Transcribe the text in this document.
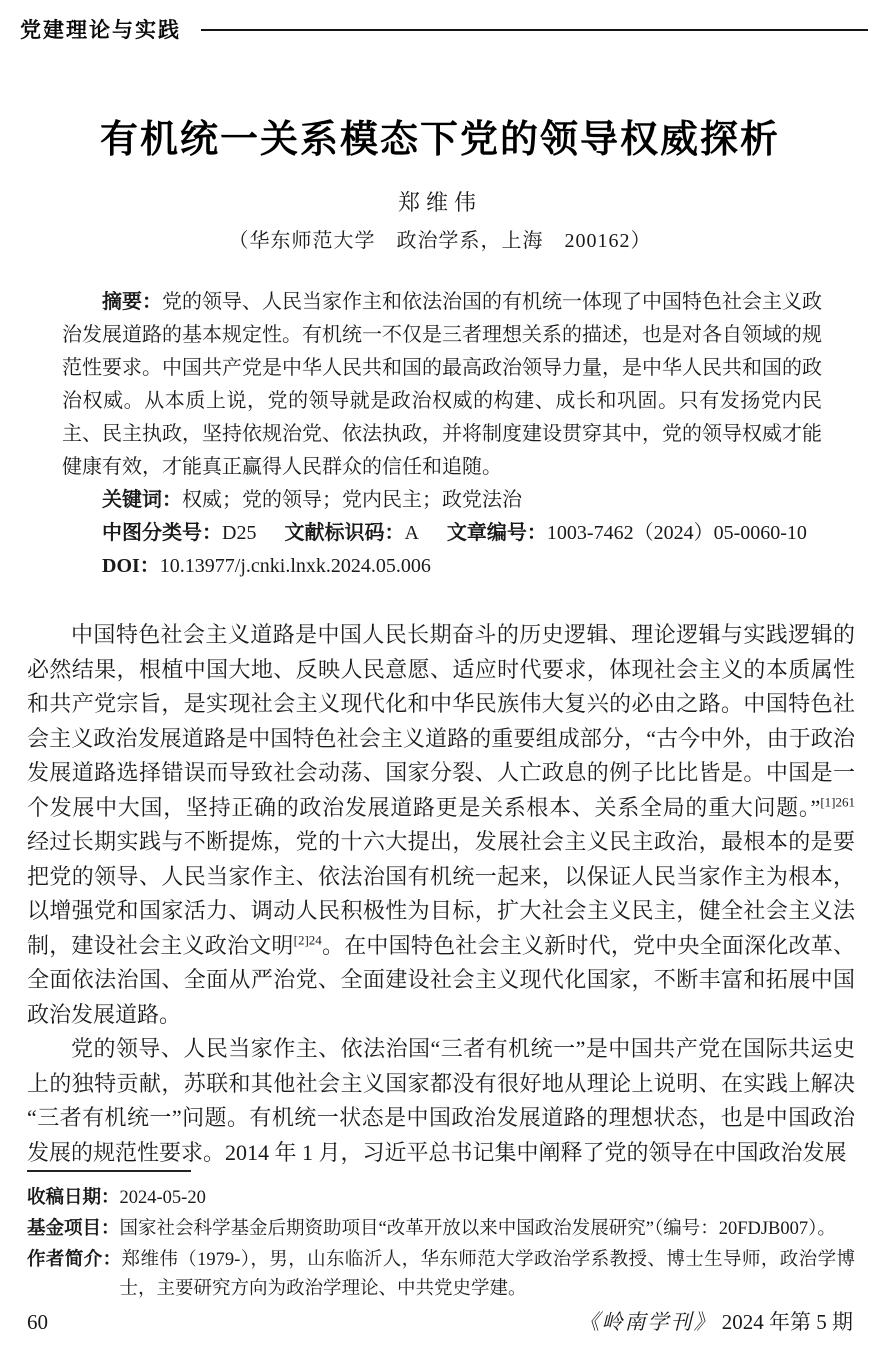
党建理论与实践
有机统一关系模态下党的领导权威探析
郑维伟
（华东师范大学　政治学系，上海　200162）

摘要：党的领导、人民当家作主和依法治国的有机统一体现了中国特色社会主义政治发展道路的基本规定性。有机统一不仅是三者理想关系的描述，也是对各自领域的规范性要求。中国共产党是中华人民共和国的最高政治领导力量，是中华人民共和国的政治权威。从本质上说，党的领导就是政治权威的构建、成长和巩固。只有发扬党内民主、民主执政，坚持依规治党、依法执政，并将制度建设贯穿其中，党的领导权威才能健康有效，才能真正赢得人民群众的信任和追随。

关键词：权威；党的领导；党内民主；政党法治

中图分类号：D25 文献标识码：A 文章编号：1003-7462（2024）05-0060-10

DOI：10.13977/j.cnki.lnxk.2024.05.006

中国特色社会主义道路是中国人民长期奋斗的历史逻辑、理论逻辑与实践逻辑的必然结果，根植中国大地、反映人民意愿、适应时代要求，体现社会主义的本质属性和共产党宗旨，是实现社会主义现代化和中华民族伟大复兴的必由之路。中国特色社会主义政治发展道路是中国特色社会主义道路的重要组成部分，“古今中外，由于政治发展道路选择错误而导致社会动荡、国家分裂、人亡政息的例子比比皆是。中国是一个发展中大国，坚持正确的政治发展道路更是关系根本、关系全局的重大问题。”$^{[1]261}$ 经过长期实践与不断提炼，党的十六大提出，发展社会主义民主政治，最根本的是要把党的领导、人民当家作主、依法治国有机统一起来，以保证人民当家作主为根本，以增强党和国家活力、调动人民积极性为目标，扩大社会主义民主，健全社会主义法制，建设社会主义政治文明$^{[2]24}$。在中国特色社会主义新时代，党中央全面深化改革、全面依法治国、全面从严治党、全面建设社会主义现代化国家，不断丰富和拓展中国政治发展道路。

党的领导、人民当家作主、依法治国“三者有机统一”是中国共产党在国际共运史上的独特贡献，苏联和其他社会主义国家都没有很好地从理论上说明、在实践上解决“三者有机统一”问题。有机统一状态是中国政治发展道路的理想状态，也是中国政治发展的规范性要求。2014 年 1 月，习近平总书记集中阐释了党的领导在中国政治发展

收稿日期：2024-05-20

基金项目：国家社会科学基金后期资助项目“改革开放以来中国政治发展研究”（编号：20FDJB007）。

作者简介：郑维伟（1979-），男，山东临沂人，华东师范大学政治学系教授、博士生导师，政治学博士，主要研究方向为政治学理论、中共党史学建。

60	《岭南学刊》 2024 年第 5 期
